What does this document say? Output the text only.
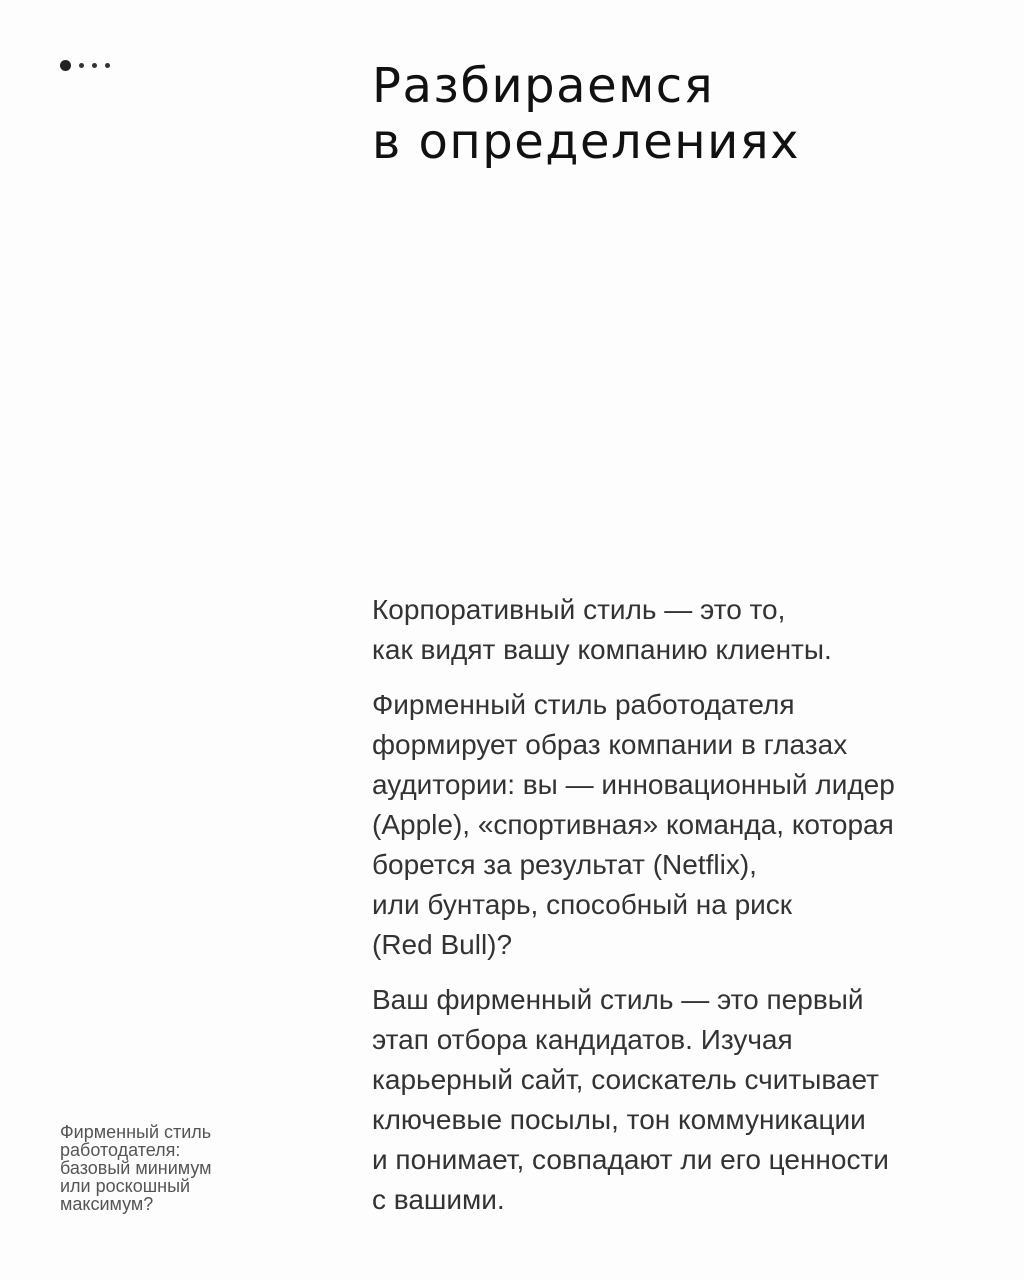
Разбираемся
в определениях

Корпоративный стиль — это то,
как видят вашу компанию клиенты.

Фирменный стиль работодателя
формирует образ компании в глазах
аудитории: вы — инновационный лидер
(Apple), «спортивная» команда, которая
борется за результат (Netflix),
или бунтарь, способный на риск
(Red Bull)?

Ваш фирменный стиль — это первый
этап отбора кандидатов. Изучая
карьерный сайт, соискатель считывает
ключевые посылы, тон коммуникации
и понимает, совпадают ли его ценности
с вашими.

Фирменный стиль
работодателя:
базовый минимум
или роскошный
максимум?
